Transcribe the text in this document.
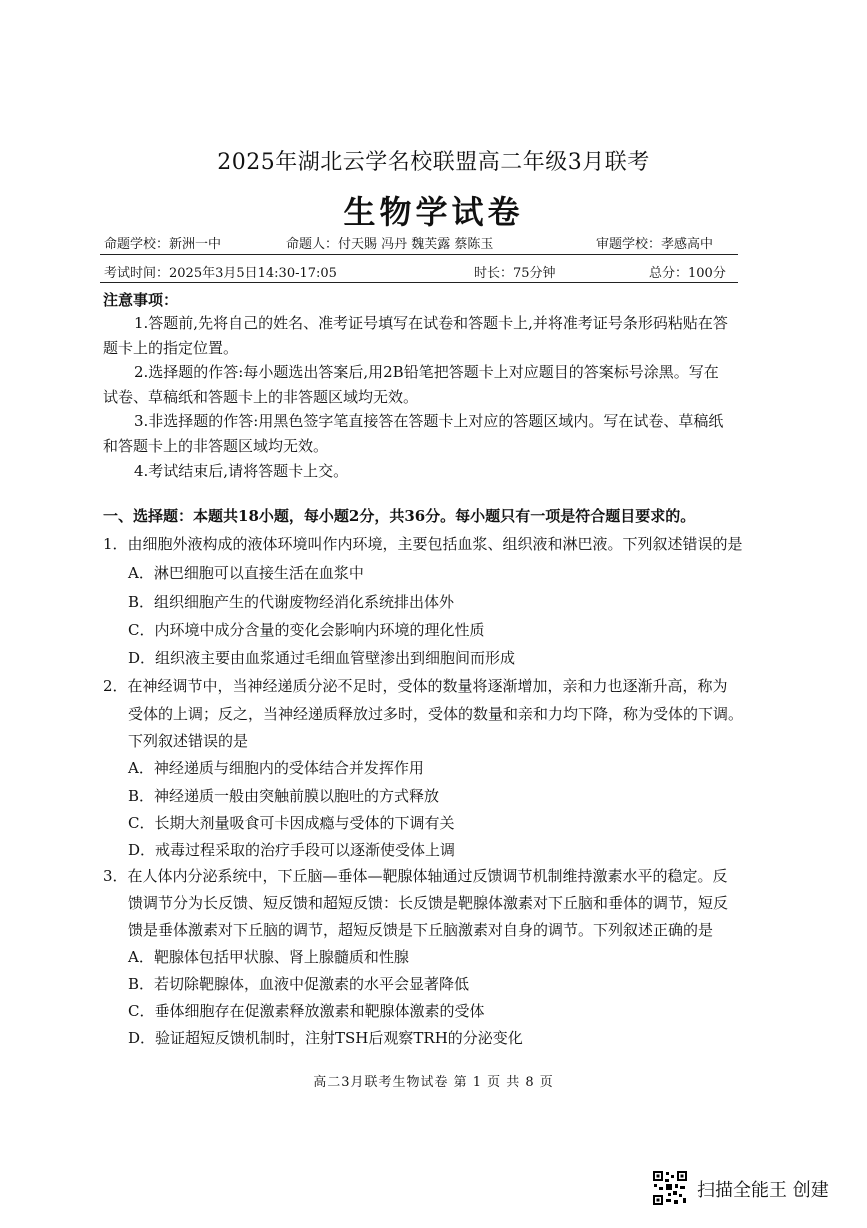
2025年湖北云学名校联盟高二年级3月联考
生物学试卷
命题学校：新洲一中	命题人：付天賜 冯丹 魏芙露 蔡陈玉	审题学校：孝感高中
考试时间：2025年3月5日14:30-17:05	时长：75分钟	总分：100分
注意事项：
1.答题前,先将自己的姓名、准考证号填写在试卷和答题卡上,并将准考证号条形码粘贴在答
题卡上的指定位置。
2.选择题的作答:每小题选出答案后,用2B铅笔把答题卡上对应题目的答案标号涂黑。写在
试卷、草稿纸和答题卡上的非答题区域均无效。
3.非选择题的作答:用黑色签字笔直接答在答题卡上对应的答题区域内。写在试卷、草稿纸
和答题卡上的非答题区域均无效。
4.考试结束后,请将答题卡上交。
一、选择题：本题共18小题，每小题2分，共36分。每小题只有一项是符合题目要求的。
1．由细胞外液构成的液体环境叫作内环境，主要包括血浆、组织液和淋巴液。下列叙述错误的是
A．淋巴细胞可以直接生活在血浆中
B．组织细胞产生的代谢废物经消化系统排出体外
C．内环境中成分含量的变化会影响内环境的理化性质
D．组织液主要由血浆通过毛细血管壁渗出到细胞间而形成
2．在神经调节中，当神经递质分泌不足时，受体的数量将逐渐增加，亲和力也逐渐升高，称为
受体的上调；反之，当神经递质释放过多时，受体的数量和亲和力均下降，称为受体的下调。
下列叙述错误的是
A．神经递质与细胞内的受体结合并发挥作用
B．神经递质一般由突触前膜以胞吐的方式释放
C．长期大剂量吸食可卡因成瘾与受体的下调有关
D．戒毒过程采取的治疗手段可以逐渐使受体上调
3．在人体内分泌系统中，下丘脑—垂体—靶腺体轴通过反馈调节机制维持激素水平的稳定。反
馈调节分为长反馈、短反馈和超短反馈：长反馈是靶腺体激素对下丘脑和垂体的调节，短反
馈是垂体激素对下丘脑的调节，超短反馈是下丘脑激素对自身的调节。下列叙述正确的是
A．靶腺体包括甲状腺、肾上腺髓质和性腺
B．若切除靶腺体，血液中促激素的水平会显著降低
C．垂体细胞存在促激素释放激素和靶腺体激素的受体
D．验证超短反馈机制时，注射TSH后观察TRH的分泌变化
高二3月联考生物试卷 第 1 页 共 8 页
扫描全能王 创建
